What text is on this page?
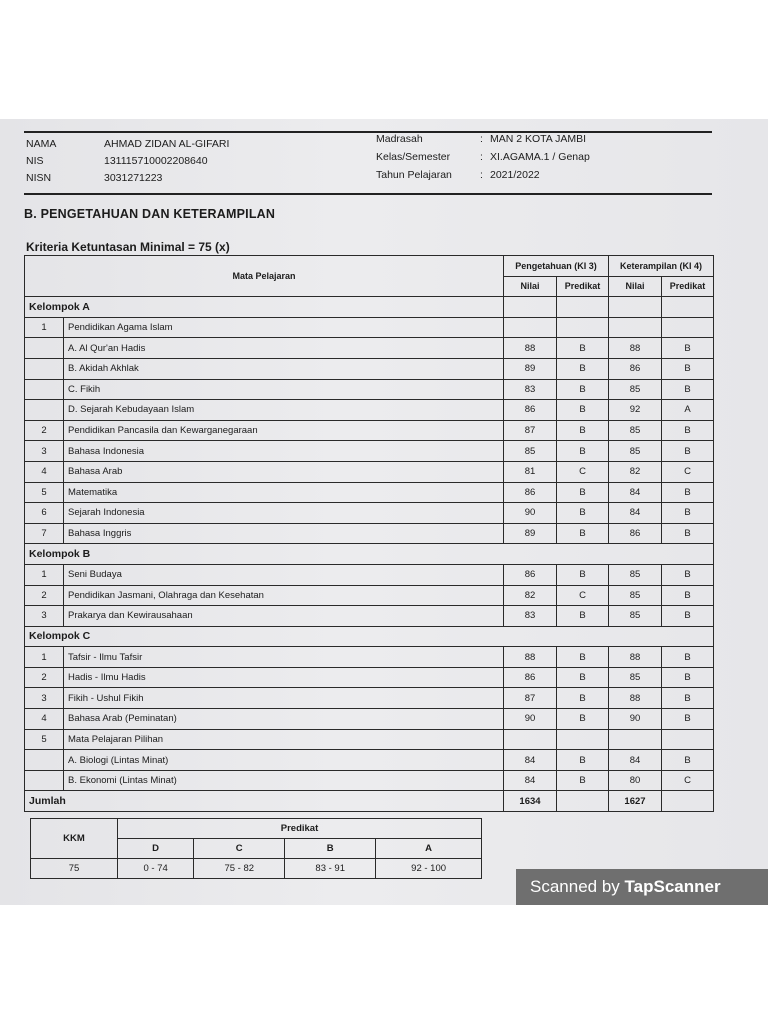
NAMA	AHMAD ZIDAN AL-GIFARI
NIS	131115710002208640
NISN	3031271223
Madrasah	: MAN 2 KOTA JAMBI
Kelas/Semester	: XI.AGAMA.1 / Genap
Tahun Pelajaran	: 2021/2022
B. PENGETAHUAN DAN KETERAMPILAN
Kriteria Ketuntasan Minimal = 75 (x)
Mata Pelajaran		Pengetahuan (KI 3)		Keterampilan (KI 4)	
		Nilai	Predikat	Nilai	Predikat
Kelompok A					
1	Pendidikan Agama Islam				
	A. Al Qur'an Hadis	88	B	88	B
	B. Akidah Akhlak	89	B	86	B
	C. Fikih	83	B	85	B
	D. Sejarah Kebudayaan Islam	86	B	92	A
2	Pendidikan Pancasila dan Kewarganegaraan	87	B	85	B
3	Bahasa Indonesia	85	B	85	B
4	Bahasa Arab	81	C	82	C
5	Matematika	86	B	84	B
6	Sejarah Indonesia	90	B	84	B
7	Bahasa Inggris	89	B	86	B
Kelompok B					
1	Seni Budaya	86	B	85	B
2	Pendidikan Jasmani, Olahraga dan Kesehatan	82	C	85	B
3	Prakarya dan Kewirausahaan	83	B	85	B
Kelompok C					
1	Tafsir - Ilmu Tafsir	88	B	88	B
2	Hadis - Ilmu Hadis	86	B	85	B
3	Fikih - Ushul Fikih	87	B	88	B
4	Bahasa Arab (Peminatan)	90	B	90	B
5	Mata Pelajaran Pilihan				
	A. Biologi (Lintas Minat)	84	B	84	B
	B. Ekonomi (Lintas Minat)	84	B	80	C
Jumlah		1634		1627	
KKM	Predikat			
	D	C	B	A
75	0 - 74	75 - 82	83 - 91	92 - 100
Scanned by TapScanner
